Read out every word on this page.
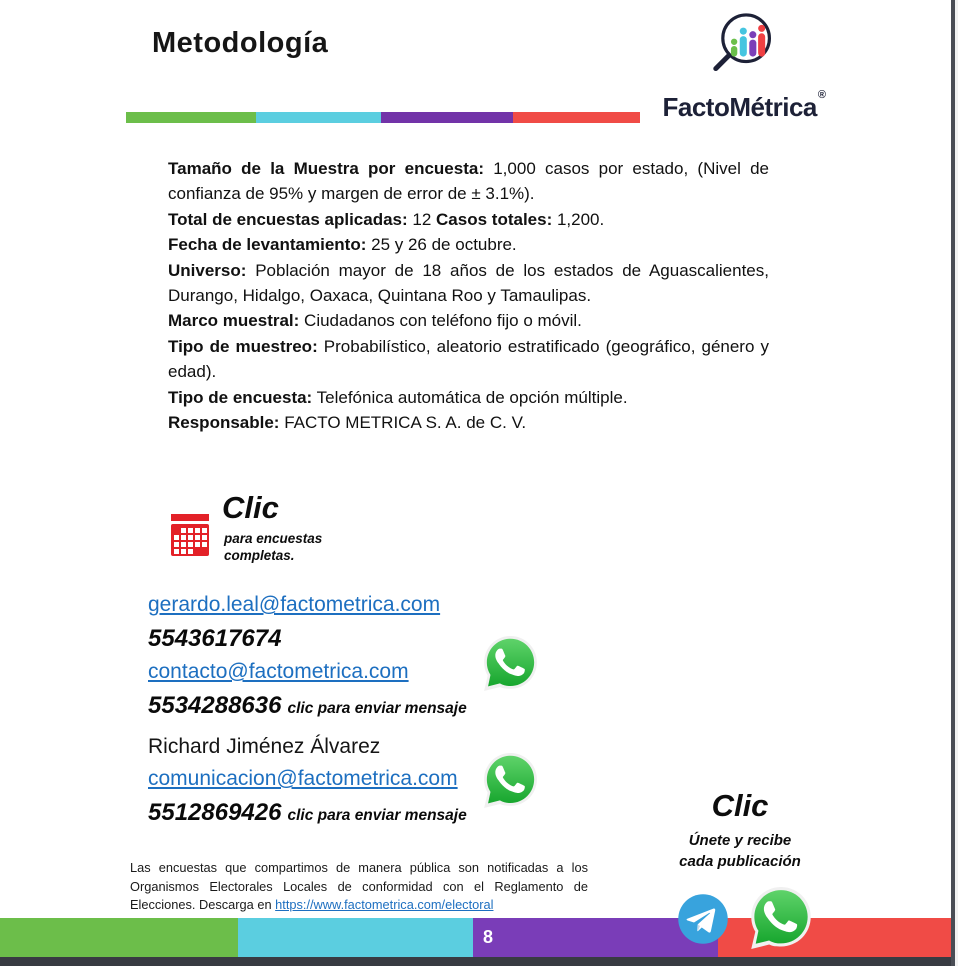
Metodología
FactoMétrica®

Tamaño de la Muestra por encuesta: 1,000 casos por estado, (Nivel de confianza de 95% y margen de error de ± 3.1%).

Total de encuestas aplicadas: 12 Casos totales: 1,200.

Fecha de levantamiento: 25 y 26 de octubre.

Universo: Población mayor de 18 años de los estados de Aguascalientes, Durango, Hidalgo, Oaxaca, Quintana Roo y Tamaulipas.

Marco muestral: Ciudadanos con teléfono fijo o móvil.

Tipo de muestreo: Probabilístico, aleatorio estratificado (geográfico, género y edad).

Tipo de encuesta: Telefónica automática de opción múltiple.

Responsable: FACTO METRICA S. A. de C. V.

Clic
para encuestas
completas.
gerardo.leal@factometrica.com
5543617674
contacto@factometrica.com
5534288636 clic para enviar mensaje
Richard Jiménez Álvarez
comunicacion@factometrica.com
5512869426 clic para enviar mensaje	Clic
Únete y recibe
cada publicación
Las encuestas que compartimos de manera pública son notificadas a los Organismos Electorales Locales de conformidad con el Reglamento de Elecciones. Descarga en https://www.factometrica.com/electoral
8
